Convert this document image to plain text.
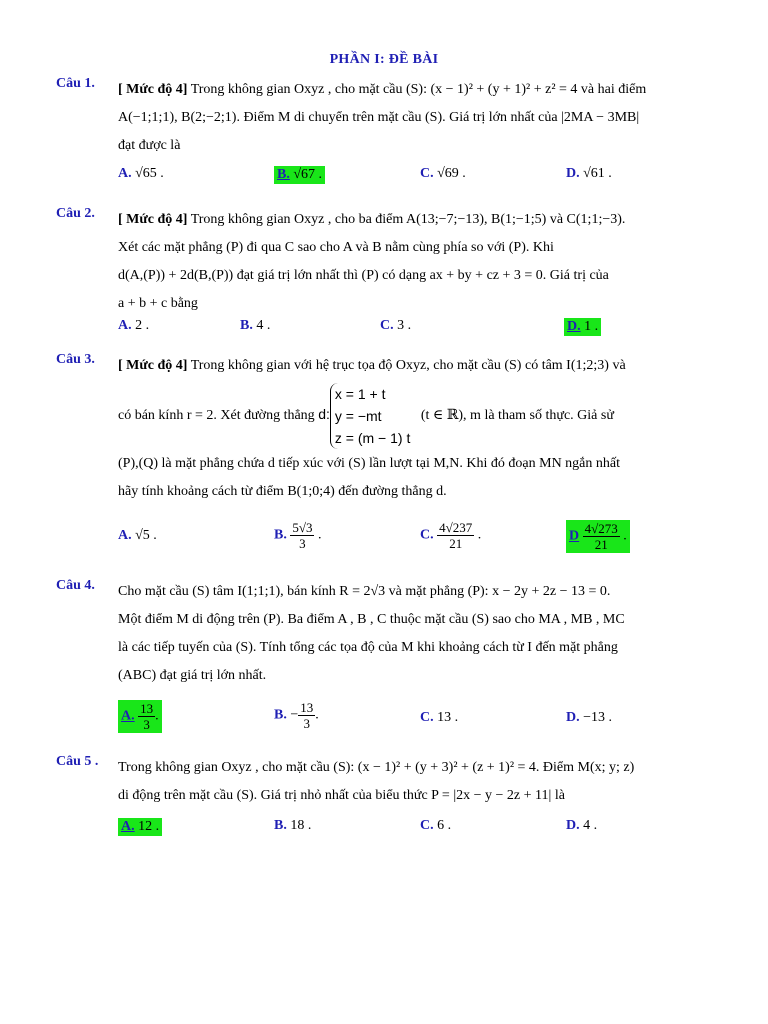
PHẦN I: ĐỀ BÀI
Câu 1. [ Mức độ 4] Trong không gian Oxyz , cho mặt cầu (S): (x − 1)² + (y + 1)² + z² = 4 và hai điểm
A(−1;1;1), B(2;−2;1). Điểm M di chuyển trên mặt cầu (S). Giá trị lớn nhất của |2MA − 3MB|
đạt được là
A. √65 .	B. √67 .	C. √69 .	D. √61 .
Câu 2. [ Mức độ 4] Trong không gian Oxyz , cho ba điểm A(13;−7;−13), B(1;−1;5) và C(1;1;−3).
Xét các mặt phẳng (P) đi qua C sao cho A và B nằm cùng phía so với (P). Khi
d(A,(P)) + 2d(B,(P)) đạt giá trị lớn nhất thì (P) có dạng ax + by + cz + 3 = 0. Giá trị của
a + b + c bằng
A. 2 .	B. 4 .	C. 3 .	D. 1 .
Câu 3. [ Mức độ 4] Trong không gian với hệ trục tọa độ Oxyz, cho mặt cầu (S) có tâm I(1;2;3) và
có bán kính r = 2. Xét đường thẳng d:
x = 1 + t
y = −mt
z = (m − 1) t
(t ∈ ℝ), m là tham số thực. Giả sử
(P),(Q) là mặt phẳng chứa d tiếp xúc với (S) lần lượt tại M,N. Khi đó đoạn MN ngắn nhất
hãy tính khoảng cách từ điểm B(1;0;4) đến đường thẳng d.
A. √5 .	B. $\frac{5√3}{3}$ .	C. $\frac{4√237}{21}$ .	D $\frac{4√273}{21}$ .
Câu 4. Cho mặt cầu (S) tâm I(1;1;1), bán kính R = 2√3 và mặt phẳng (P): x − 2y + 2z − 13 = 0.
Một điểm M di động trên (P). Ba điểm A , B , C thuộc mặt cầu (S) sao cho MA , MB , MC
là các tiếp tuyến của (S). Tính tổng các tọa độ của M khi khoảng cách từ I đến mặt phẳng
(ABC) đạt giá trị lớn nhất.
A. $\frac{13}{3}$ .	B. − $\frac{13}{3}$ .	C. 13 .	D. −13 .
Câu 5 . Trong không gian Oxyz , cho mặt cầu (S): (x − 1)² + (y + 3)² + (z + 1)² = 4. Điểm M(x; y; z)
di động trên mặt cầu (S). Giá trị nhỏ nhất của biểu thức P = |2x − y − 2z + 11| là
A. 12 .	B. 18 .	C. 6 .	D. 4 .
